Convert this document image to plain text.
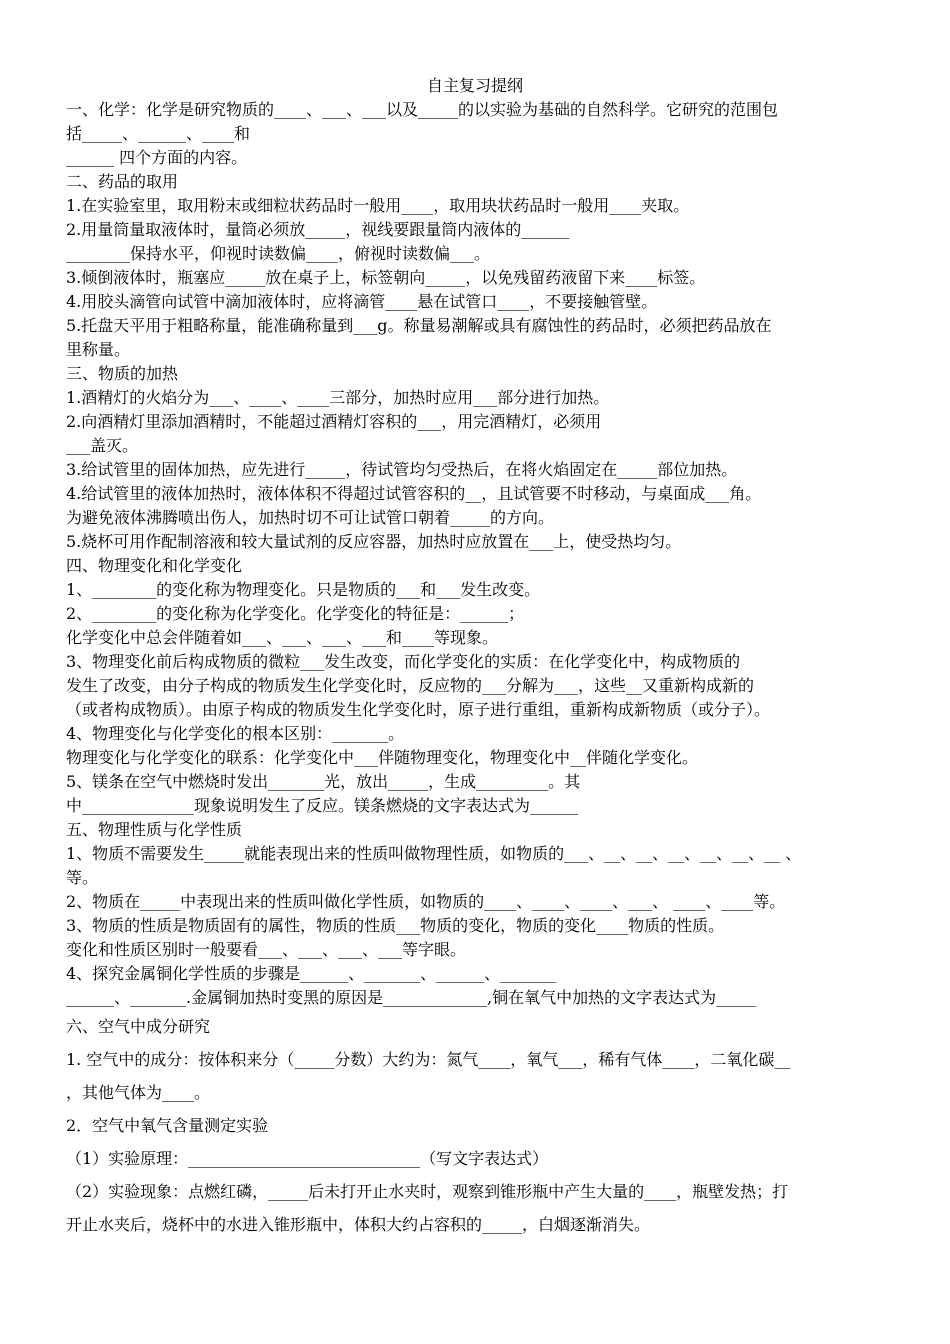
自主复习提纲
一、化学：化学是研究物质的____、___、___以及_____的以实验为基础的自然科学。它研究的范围包
括_____、______、____和
______ 四个方面的内容。
二、药品的取用
1.在实验室里，取用粉末或细粒状药品时一般用____，取用块状药品时一般用____夹取。
2.用量筒量取液体时，量筒必须放_____，视线要跟量筒内液体的______
________保持水平，仰视时读数偏____，俯视时读数偏___。
3.倾倒液体时，瓶塞应_____放在桌子上，标签朝向_____，以免残留药液留下来____标签。
4.用胶头滴管向试管中滴加液体时，应将滴管____悬在试管口____，不要接触管壁。
5.托盘天平用于粗略称量，能准确称量到___g。称量易潮解或具有腐蚀性的药品时，必须把药品放在
里称量。
三、物质的加热
1.酒精灯的火焰分为___、____、____三部分，加热时应用___部分进行加热。
2.向酒精灯里添加酒精时，不能超过酒精灯容积的___，用完酒精灯，必须用
___盖灭。
3.给试管里的固体加热，应先进行_____，待试管均匀受热后，在将火焰固定在_____部位加热。
4.给试管里的液体加热时，液体体积不得超过试管容积的__，且试管要不时移动，与桌面成___角。
为避免液体沸腾喷出伤人，加热时切不可让试管口朝着_____的方向。
5.烧杯可用作配制溶液和较大量试剂的反应容器，加热时应放置在___上，使受热均匀。
四、物理变化和化学变化
1、________的变化称为物理变化。只是物质的___和___发生改变。
2、________的变化称为化学变化。化学变化的特征是：______；
化学变化中总会伴随着如___、___、___、___和____等现象。
3、物理变化前后构成物质的微粒___发生改变，而化学变化的实质：在化学变化中，构成物质的
发生了改变，由分子构成的物质发生化学变化时，反应物的___分解为___，这些__又重新构成新的
（或者构成物质）。由原子构成的物质发生化学变化时，原子进行重组，重新构成新物质（或分子）。
4、物理变化与化学变化的根本区别：_______。
物理变化与化学变化的联系：化学变化中___伴随物理变化，物理变化中__伴随化学变化。
5、镁条在空气中燃烧时发出_______光，放出_____，生成_________。其
中______________现象说明发生了反应。镁条燃烧的文字表达式为______
五、物理性质与化学性质
1、物质不需要发生_____就能表现出来的性质叫做物理性质，如物质的___、__、__、__、__、__、__ 、
等。
2、物质在_____中表现出来的性质叫做化学性质，如物质的____、____、____、___、 ____、____等。
3、物质的性质是物质固有的属性，物质的性质___物质的变化，物质的变化____物质的性质。
变化和性质区别时一般要看___、___、___、___等字眼。
4、探究金属铜化学性质的步骤是______、_______、______、_______
______、_______.金属铜加热时变黑的原因是_____________,铜在氧气中加热的文字表达式为_____
六、空气中成分研究
1. 空气中的成分：按体积来分（_____分数）大约为：氮气____，氧气___，稀有气体____，二氧化碳__
，其他气体为____。
2．空气中氧气含量测定实验
（1）实验原理：_____________________________（写文字表达式）
（2）实验现象：点燃红磷，_____后未打开止水夹时，观察到锥形瓶中产生大量的____，瓶壁发热；打
开止水夹后，烧杯中的水进入锥形瓶中，体积大约占容积的_____，白烟逐渐消失。
